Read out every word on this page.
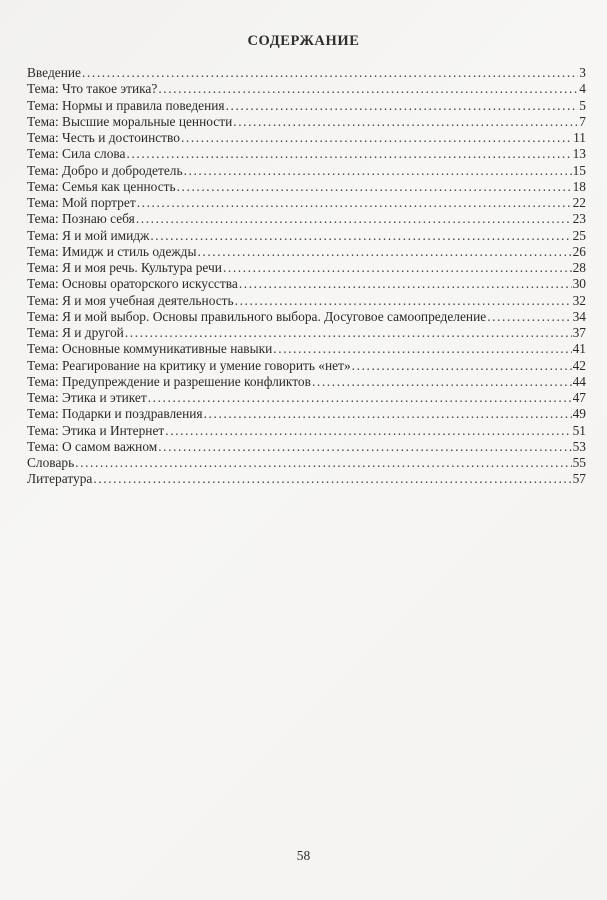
СОДЕРЖАНИЕ
Введение .....	3
Тема: Что такое этика? .....	4
Тема: Нормы и правила поведения .....	5
Тема: Высшие моральные ценности .....	7
Тема: Честь и достоинство .....	11
Тема: Сила слова .....	13
Тема: Добро и добродетель .....	15
Тема: Семья как ценность .....	18
Тема: Мой портрет .....	22
Тема: Познаю себя .....	23
Тема: Я и мой имидж .....	25
Тема: Имидж и стиль одежды .....	26
Тема: Я и моя речь. Культура речи .....	28
Тема: Основы ораторского искусства .....	30
Тема: Я и моя учебная деятельность .....	32
Тема: Я и мой выбор. Основы правильного выбора. Досуговое самоопределение .....	34
Тема: Я и другой .....	37
Тема: Основные коммуникативные навыки .....	41
Тема: Реагирование на критику и умение говорить «нет» .....	42
Тема: Предупреждение и разрешение конфликтов .....	44
Тема: Этика и этикет .....	47
Тема: Подарки и поздравления .....	49
Тема: Этика и Интернет .....	51
Тема: О самом важном .....	53
Словарь .....	55
Литература .....	57
58
